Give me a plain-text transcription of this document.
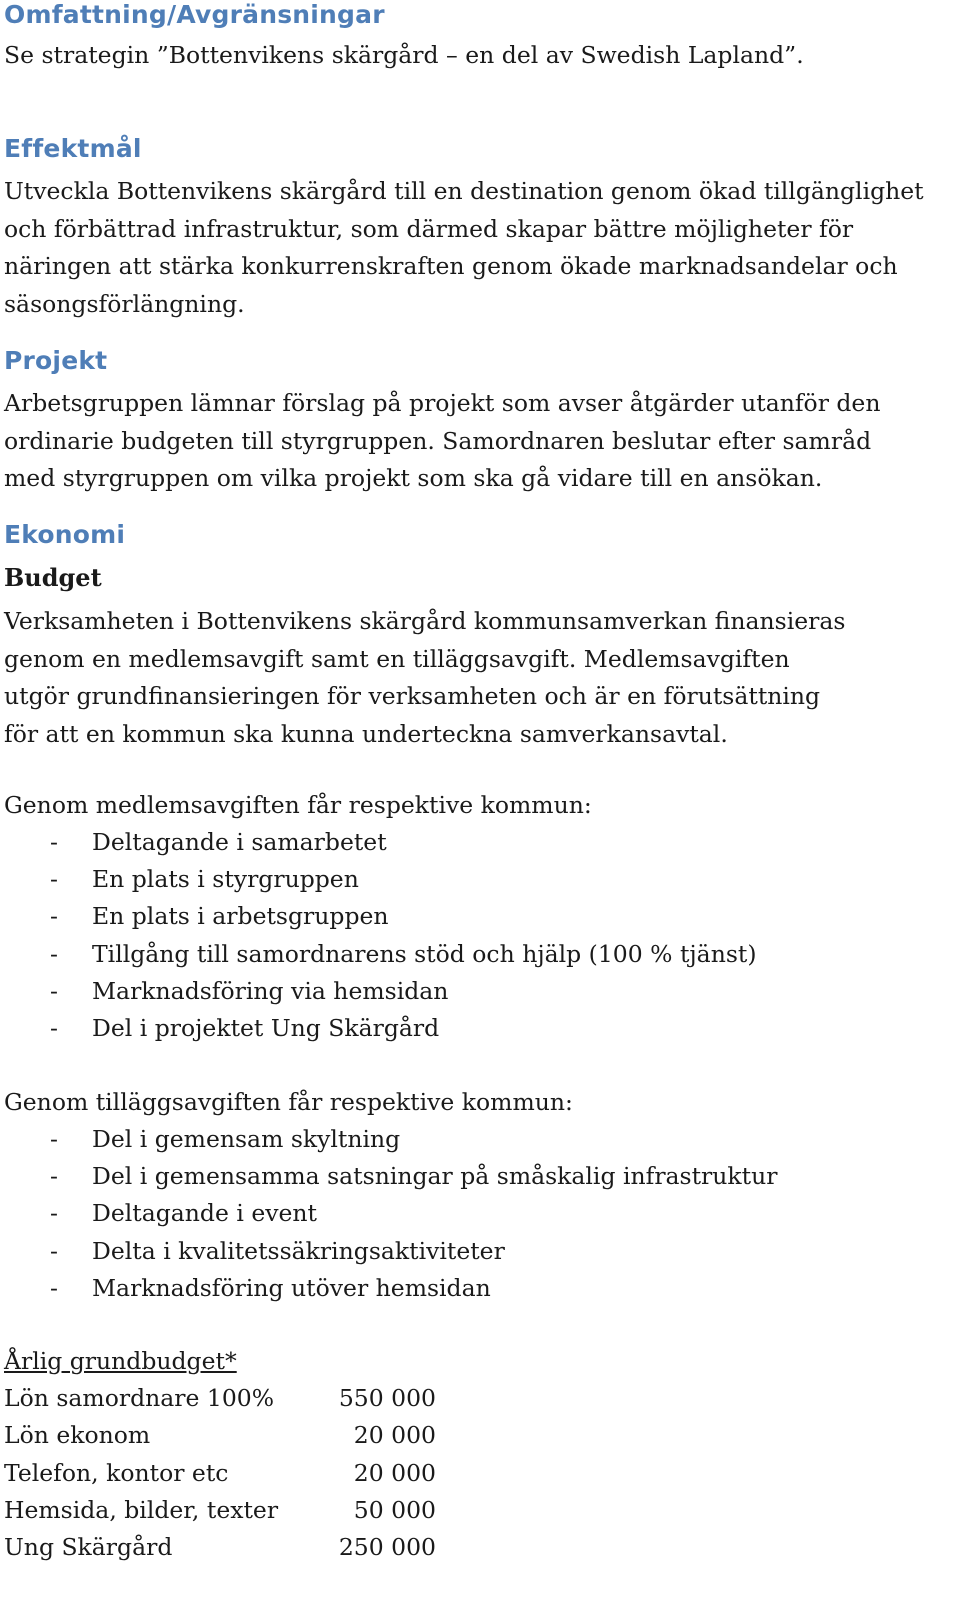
Omfattning/Avgränsningar
Se strategin ”Bottenvikens skärgård – en del av Swedish Lapland”.
Effektmål
Utveckla Bottenvikens skärgård till en destination genom ökad tillgänglighet
och förbättrad infrastruktur, som därmed skapar bättre möjligheter för
näringen att stärka konkurrenskraften genom ökade marknadsandelar och
säsongsförlängning.
Projekt
Arbetsgruppen lämnar förslag på projekt som avser åtgärder utanför den
ordinarie budgeten till styrgruppen. Samordnaren beslutar efter samråd
med styrgruppen om vilka projekt som ska gå vidare till en ansökan.
Ekonomi
Budget
Verksamheten i Bottenvikens skärgård kommunsamverkan finansieras
genom en medlemsavgift samt en tilläggsavgift. Medlemsavgiften
utgör grundfinansieringen för verksamheten och är en förutsättning
för att en kommun ska kunna underteckna samverkansavtal.
Genom medlemsavgiften får respektive kommun:
- Deltagande i samarbetet
- En plats i styrgruppen
- En plats i arbetsgruppen
- Tillgång till samordnarens stöd och hjälp (100 % tjänst)
- Marknadsföring via hemsidan
- Del i projektet Ung Skärgård
Genom tilläggsavgiften får respektive kommun:
- Del i gemensam skyltning
- Del i gemensamma satsningar på småskalig infrastruktur
- Deltagande i event
- Delta i kvalitetssäkringsaktiviteter
- Marknadsföring utöver hemsidan
Årlig grundbudget*
Lön samordnare 100%	550 000
Lön ekonom	20 000
Telefon, kontor etc	20 000
Hemsida, bilder, texter	50 000
Ung Skärgård	250 000
